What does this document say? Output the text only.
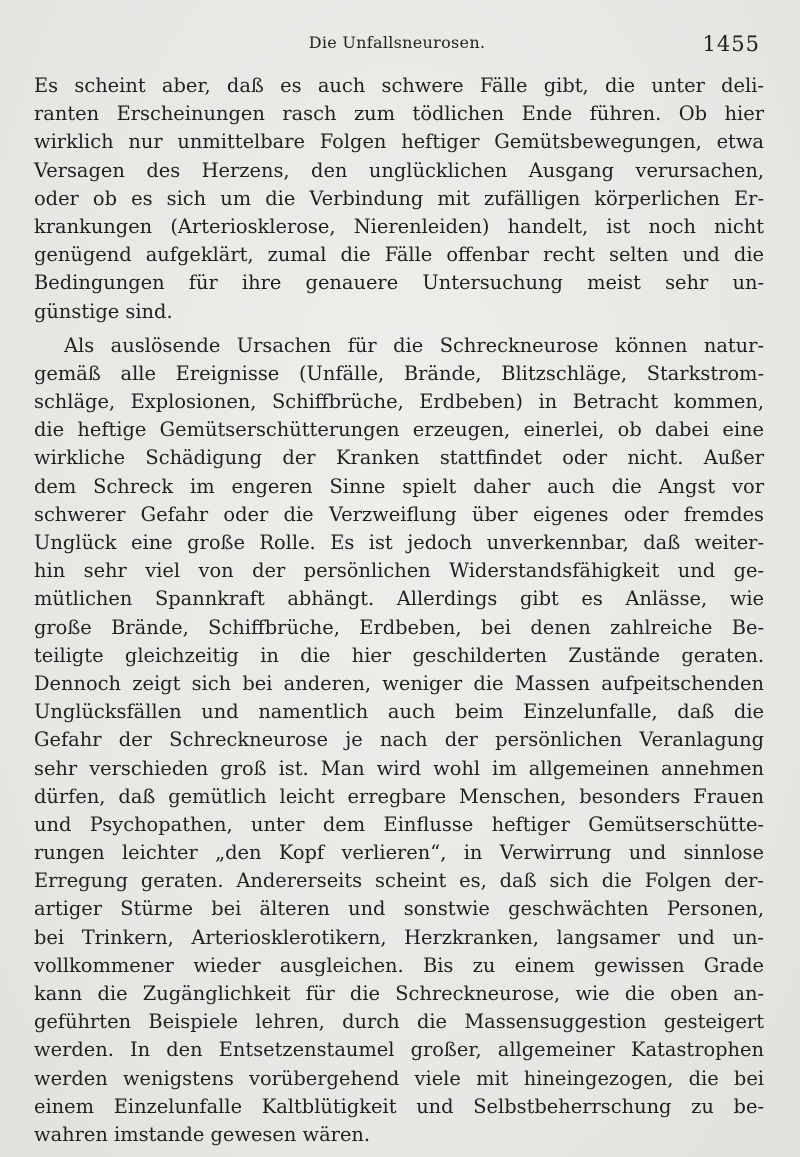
Die Unfallsneurosen.	1455
Es scheint aber, daß es auch schwere Fälle gibt, die unter deli-
ranten Erscheinungen rasch zum tödlichen Ende führen. Ob hier
wirklich nur unmittelbare Folgen heftiger Gemütsbewegungen, etwa
Versagen des Herzens, den unglücklichen Ausgang verursachen,
oder ob es sich um die Verbindung mit zufälligen körperlichen Er-
krankungen (Arteriosklerose, Nierenleiden) handelt, ist noch nicht
genügend aufgeklärt, zumal die Fälle offenbar recht selten und die
Bedingungen für ihre genauere Untersuchung meist sehr un-
günstige sind.
Als auslösende Ursachen für die Schreckneurose können natur-
gemäß alle Ereignisse (Unfälle, Brände, Blitzschläge, Starkstrom-
schläge, Explosionen, Schiffbrüche, Erdbeben) in Betracht kommen,
die heftige Gemütserschütterungen erzeugen, einerlei, ob dabei eine
wirkliche Schädigung der Kranken stattfindet oder nicht. Außer
dem Schreck im engeren Sinne spielt daher auch die Angst vor
schwerer Gefahr oder die Verzweiflung über eigenes oder fremdes
Unglück eine große Rolle. Es ist jedoch unverkennbar, daß weiter-
hin sehr viel von der persönlichen Widerstandsfähigkeit und ge-
mütlichen Spannkraft abhängt. Allerdings gibt es Anlässe, wie
große Brände, Schiffbrüche, Erdbeben, bei denen zahlreiche Be-
teiligte gleichzeitig in die hier geschilderten Zustände geraten.
Dennoch zeigt sich bei anderen, weniger die Massen aufpeitschenden
Unglücksfällen und namentlich auch beim Einzelunfalle, daß die
Gefahr der Schreckneurose je nach der persönlichen Veranlagung
sehr verschieden groß ist. Man wird wohl im allgemeinen annehmen
dürfen, daß gemütlich leicht erregbare Menschen, besonders Frauen
und Psychopathen, unter dem Einflusse heftiger Gemütserschütte-
rungen leichter „den Kopf verlieren“, in Verwirrung und sinnlose
Erregung geraten. Andererseits scheint es, daß sich die Folgen der-
artiger Stürme bei älteren und sonstwie geschwächten Personen,
bei Trinkern, Arteriosklerotikern, Herzkranken, langsamer und un-
vollkommener wieder ausgleichen. Bis zu einem gewissen Grade
kann die Zugänglichkeit für die Schreckneurose, wie die oben an-
geführten Beispiele lehren, durch die Massensuggestion gesteigert
werden. In den Entsetzenstaumel großer, allgemeiner Katastrophen
werden wenigstens vorübergehend viele mit hineingezogen, die bei
einem Einzelunfalle Kaltblütigkeit und Selbstbeherrschung zu be-
wahren imstande gewesen wären.
